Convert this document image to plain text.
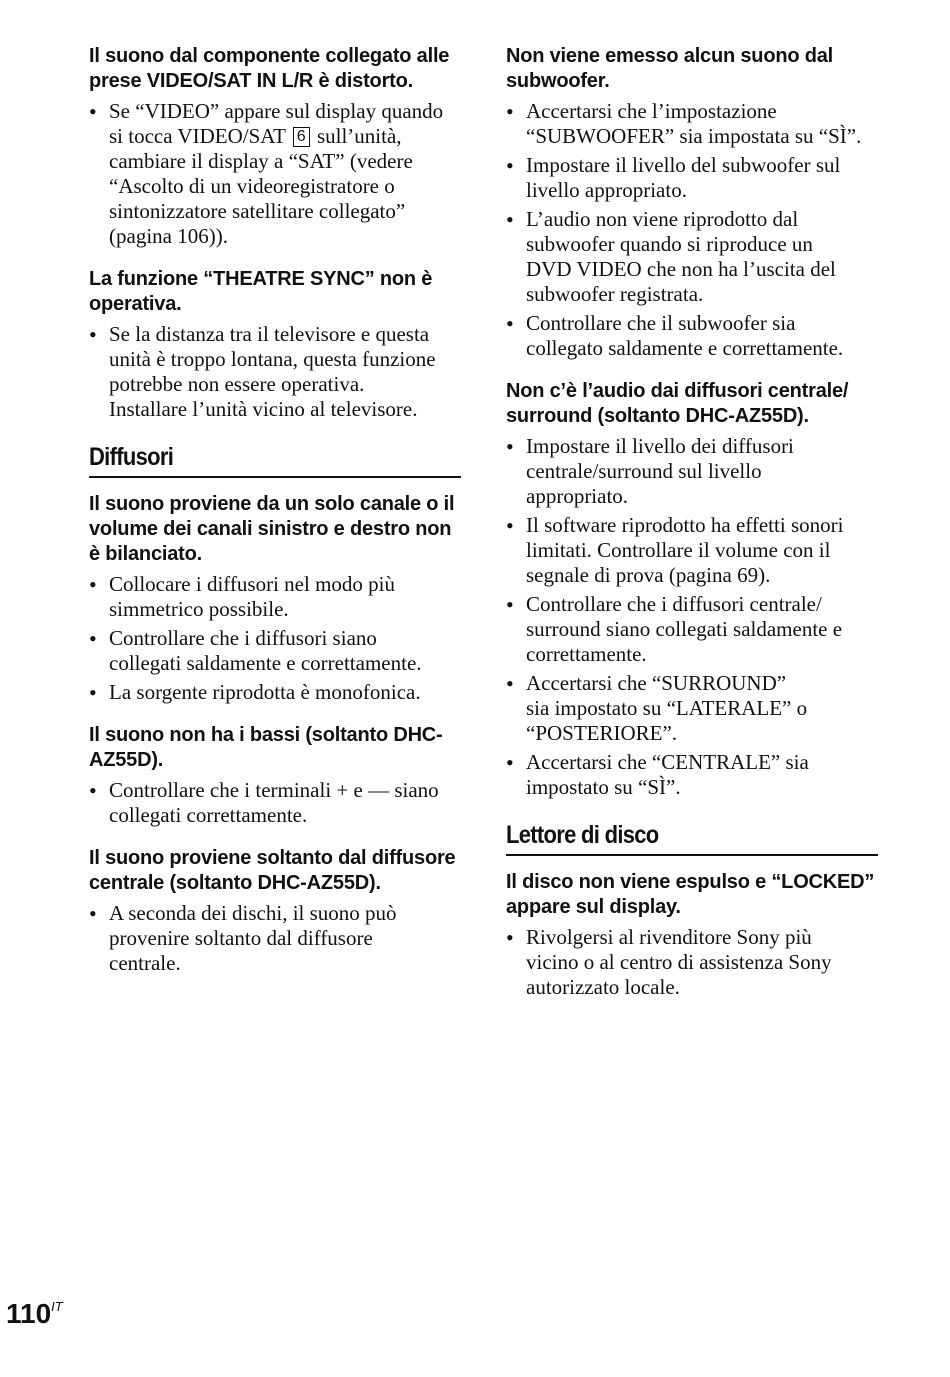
Il suono dal componente collegato alle prese VIDEO/SAT IN L/R è distorto.

• Se “VIDEO” appare sul display quando
si tocca VIDEO/SAT 6 sull’unità,
cambiare il display a “SAT” (vedere
“Ascolto di un videoregistratore o
sintonizzatore satellitare collegato”
(pagina 106)).

La funzione “THEATRE SYNC” non è operativa.

• Se la distanza tra il televisore e questa
unità è troppo lontana, questa funzione
potrebbe non essere operativa.
Installare l’unità vicino al televisore.
Diffusori

Il suono proviene da un solo canale o il volume dei canali sinistro e destro non è bilanciato.

• Collocare i diffusori nel modo più
simmetrico possibile.
• Controllare che i diffusori siano
collegati saldamente e correttamente.
• La sorgente riprodotta è monofonica.

Il suono non ha i bassi (soltanto DHC-AZ55D).

• Controllare che i terminali + e — siano
collegati correttamente.

Il suono proviene soltanto dal diffusore centrale (soltanto DHC-AZ55D).

• A seconda dei dischi, il suono può
provenire soltanto dal diffusore
centrale.

Non viene emesso alcun suono dal subwoofer.

• Accertarsi che l’impostazione
“SUBWOOFER” sia impostata su “SÌ”.
• Impostare il livello del subwoofer sul
livello appropriato.
• L’audio non viene riprodotto dal
subwoofer quando si riproduce un
DVD VIDEO che non ha l’uscita del
subwoofer registrata.
• Controllare che il subwoofer sia
collegato saldamente e correttamente.

Non c’è l’audio dai diffusori centrale/ surround (soltanto DHC-AZ55D).

• Impostare il livello dei diffusori
centrale/surround sul livello
appropriato.
• Il software riprodotto ha effetti sonori
limitati. Controllare il volume con il
segnale di prova (pagina 69).
• Controllare che i diffusori centrale/
surround siano collegati saldamente e
correttamente.
• Accertarsi che “SURROUND”
sia impostato su “LATERALE” o
“POSTERIORE”.
• Accertarsi che “CENTRALE” sia
impostato su “SÌ”.
Lettore di disco

Il disco non viene espulso e “LOCKED” appare sul display.

• Rivolgersi al rivenditore Sony più
vicino o al centro di assistenza Sony
autorizzato locale.
$110^{IT}$
